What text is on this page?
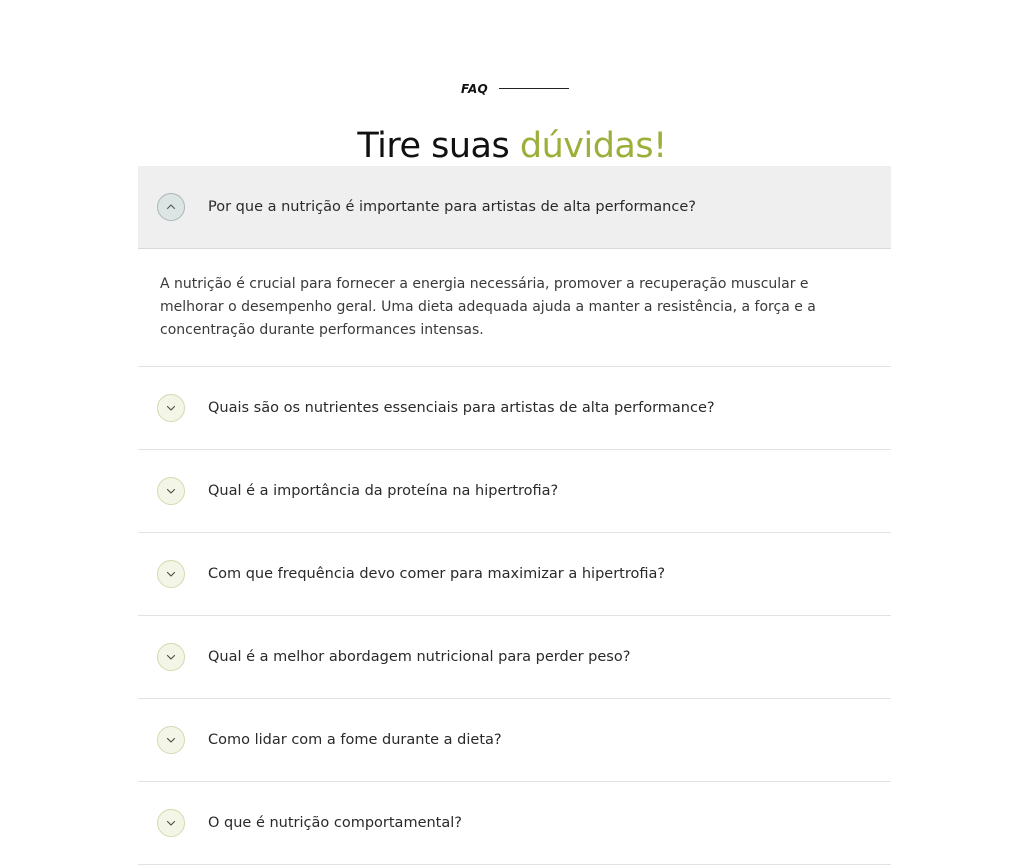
FAQ
Tire suas dúvidas!
Por que a nutrição é importante para artistas de alta performance?
A nutrição é crucial para fornecer a energia necessária, promover a recuperação muscular e melhorar o desempenho geral. Uma dieta adequada ajuda a manter a resistência, a força e a concentração durante performances intensas.
Quais são os nutrientes essenciais para artistas de alta performance?
Qual é a importância da proteína na hipertrofia?
Com que frequência devo comer para maximizar a hipertrofia?
Qual é a melhor abordagem nutricional para perder peso?
Como lidar com a fome durante a dieta?
O que é nutrição comportamental?
